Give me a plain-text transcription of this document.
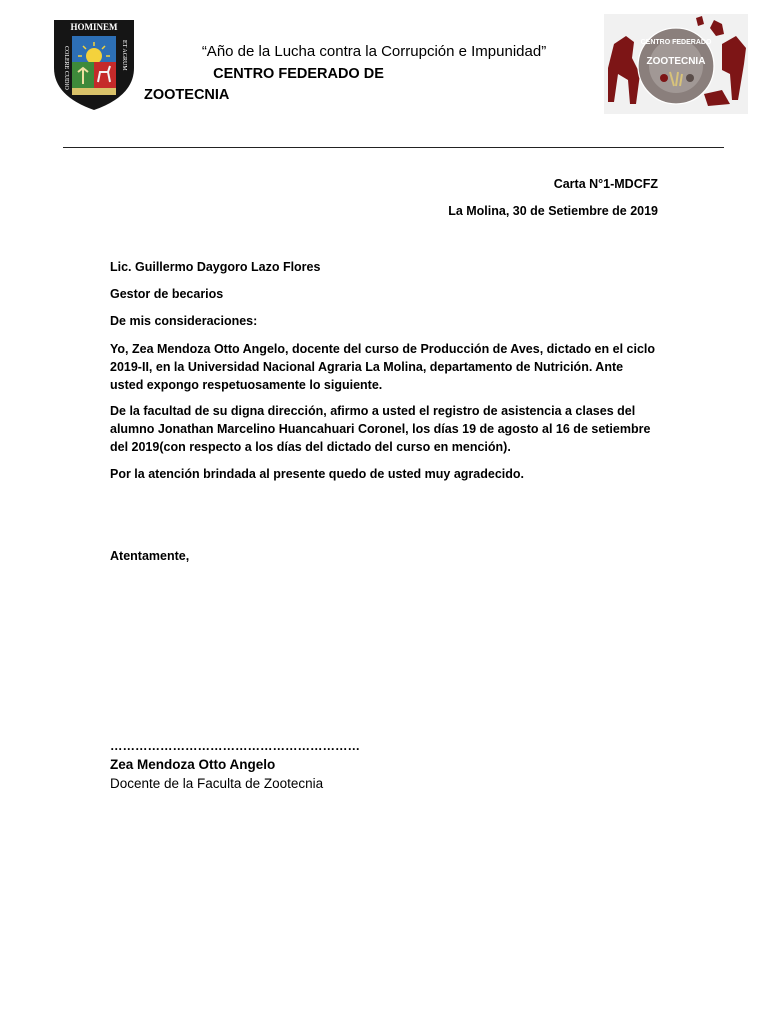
HOMINEM
COLERE CUDIO	ET AGRUM	“Año de la Lucha contra la Corrupción e Impunidad”
CENTRO FEDERADO DE
ZOOTECNIA
CENTRO FEDERADO
ZOOTECNIA
Carta N°1-MDCFZ
La Molina, 30 de Setiembre de 2019
Lic. Guillermo Daygoro Lazo Flores
Gestor de becarios
De mis consideraciones:
Yo, Zea Mendoza Otto Angelo, docente del curso de Producción de Aves, dictado en el ciclo 2019-II, en la Universidad Nacional Agraria La Molina, departamento de Nutrición. Ante usted expongo respetuosamente lo siguiente.
De la facultad de su digna dirección, afirmo a usted el registro de asistencia a clases del alumno Jonathan Marcelino Huancahuari Coronel, los días 19 de agosto al 16 de setiembre del 2019(con respecto a los días del dictado del curso en mención).
Por la atención brindada al presente quedo de usted muy agradecido.
Atentamente,
……………………………………………………
Zea Mendoza Otto Angelo
Docente de la Faculta de Zootecnia
